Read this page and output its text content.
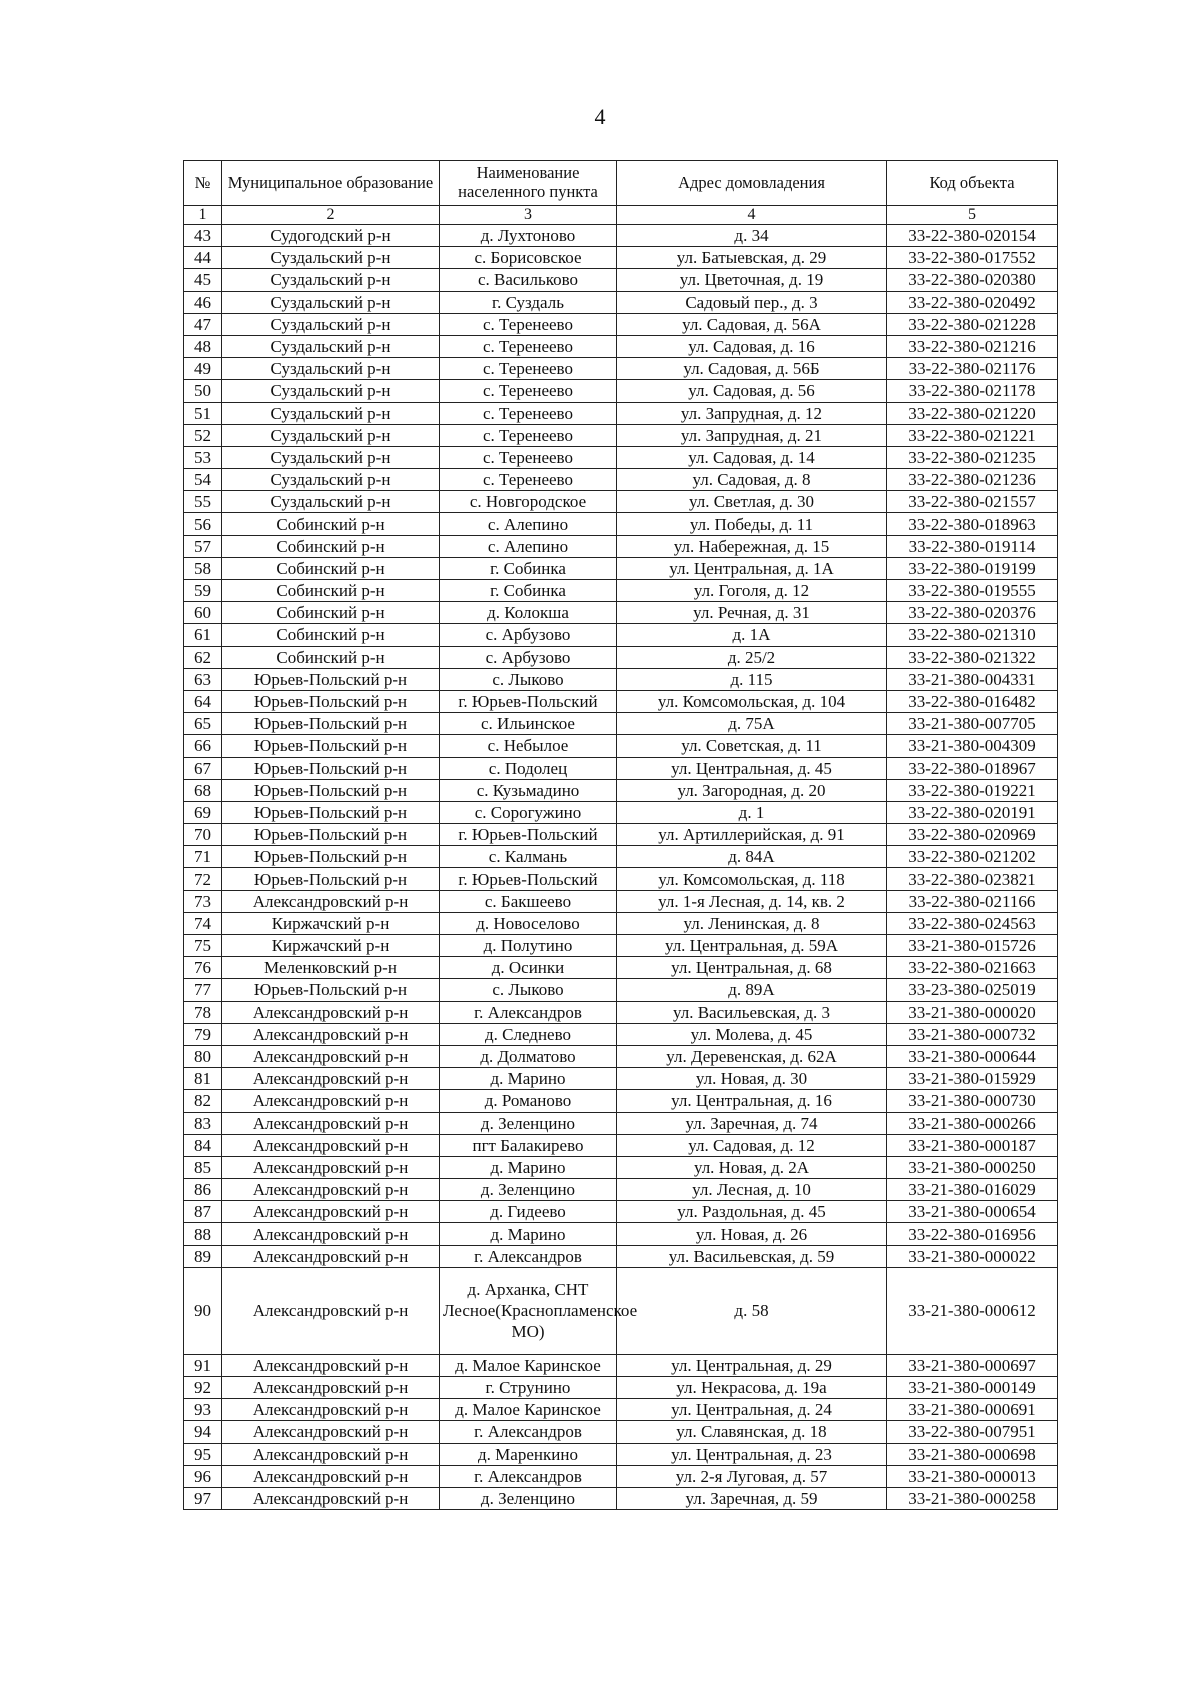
4
№	Муниципальное образование	Наименование населенного пункта	Адрес домовладения	Код объекта
1	2	3	4	5
43	Судогодский р-н	д. Лухтоново	д. 34	33-22-380-020154
44	Суздальский р-н	с. Борисовское	ул. Батыевская, д. 29	33-22-380-017552
45	Суздальский р-н	с. Васильково	ул. Цветочная, д. 19	33-22-380-020380
46	Суздальский р-н	г. Суздаль	Садовый пер., д. 3	33-22-380-020492
47	Суздальский р-н	с. Теренеево	ул. Садовая, д. 56А	33-22-380-021228
48	Суздальский р-н	с. Теренеево	ул. Садовая, д. 16	33-22-380-021216
49	Суздальский р-н	с. Теренеево	ул. Садовая, д. 56Б	33-22-380-021176
50	Суздальский р-н	с. Теренеево	ул. Садовая, д. 56	33-22-380-021178
51	Суздальский р-н	с. Теренеево	ул. Запрудная, д. 12	33-22-380-021220
52	Суздальский р-н	с. Теренеево	ул. Запрудная, д. 21	33-22-380-021221
53	Суздальский р-н	с. Теренеево	ул. Садовая, д. 14	33-22-380-021235
54	Суздальский р-н	с. Теренеево	ул. Садовая, д. 8	33-22-380-021236
55	Суздальский р-н	с. Новгородское	ул. Светлая, д. 30	33-22-380-021557
56	Собинский р-н	с. Алепино	ул. Победы, д. 11	33-22-380-018963
57	Собинский р-н	с. Алепино	ул. Набережная, д. 15	33-22-380-019114
58	Собинский р-н	г. Собинка	ул. Центральная, д. 1А	33-22-380-019199
59	Собинский р-н	г. Собинка	ул. Гоголя, д. 12	33-22-380-019555
60	Собинский р-н	д. Колокша	ул. Речная, д. 31	33-22-380-020376
61	Собинский р-н	с. Арбузово	д. 1А	33-22-380-021310
62	Собинский р-н	с. Арбузово	д. 25/2	33-22-380-021322
63	Юрьев-Польский р-н	с. Лыково	д. 115	33-21-380-004331
64	Юрьев-Польский р-н	г. Юрьев-Польский	ул. Комсомольская, д. 104	33-22-380-016482
65	Юрьев-Польский р-н	с. Ильинское	д. 75А	33-21-380-007705
66	Юрьев-Польский р-н	с. Небылое	ул. Советская, д. 11	33-21-380-004309
67	Юрьев-Польский р-н	с. Подолец	ул. Центральная, д. 45	33-22-380-018967
68	Юрьев-Польский р-н	с. Кузьмадино	ул. Загородная, д. 20	33-22-380-019221
69	Юрьев-Польский р-н	с. Сорогужино	д. 1	33-22-380-020191
70	Юрьев-Польский р-н	г. Юрьев-Польский	ул. Артиллерийская, д. 91	33-22-380-020969
71	Юрьев-Польский р-н	с. Калмань	д. 84А	33-22-380-021202
72	Юрьев-Польский р-н	г. Юрьев-Польский	ул. Комсомольская, д. 118	33-22-380-023821
73	Александровский р-н	с. Бакшеево	ул. 1-я Лесная, д. 14, кв. 2	33-22-380-021166
74	Киржачский р-н	д. Новоселово	ул. Ленинская, д. 8	33-22-380-024563
75	Киржачский р-н	д. Полутино	ул. Центральная, д. 59А	33-21-380-015726
76	Меленковский р-н	д. Осинки	ул. Центральная, д. 68	33-22-380-021663
77	Юрьев-Польский р-н	с. Лыково	д. 89А	33-23-380-025019
78	Александровский р-н	г. Александров	ул. Васильевская, д. 3	33-21-380-000020
79	Александровский р-н	д. Следнево	ул. Молева, д. 45	33-21-380-000732
80	Александровский р-н	д. Долматово	ул. Деревенская, д. 62А	33-21-380-000644
81	Александровский р-н	д. Марино	ул. Новая, д. 30	33-21-380-015929
82	Александровский р-н	д. Романово	ул. Центральная, д. 16	33-21-380-000730
83	Александровский р-н	д. Зеленцино	ул. Заречная, д. 74	33-21-380-000266
84	Александровский р-н	пгт Балакирево	ул. Садовая, д. 12	33-21-380-000187
85	Александровский р-н	д. Марино	ул. Новая, д. 2А	33-21-380-000250
86	Александровский р-н	д. Зеленцино	ул. Лесная, д. 10	33-21-380-016029
87	Александровский р-н	д. Гидеево	ул. Раздольная, д. 45	33-21-380-000654
88	Александровский р-н	д. Марино	ул. Новая, д. 26	33-22-380-016956
89	Александровский р-н	г. Александров	ул. Васильевская, д. 59	33-21-380-000022
90	Александровский р-н	д. Арханка, СНТ Лесное(Краснопламенское МО)	д. 58	33-21-380-000612
91	Александровский р-н	д. Малое Каринское	ул. Центральная, д. 29	33-21-380-000697
92	Александровский р-н	г. Струнино	ул. Некрасова, д. 19а	33-21-380-000149
93	Александровский р-н	д. Малое Каринское	ул. Центральная, д. 24	33-21-380-000691
94	Александровский р-н	г. Александров	ул. Славянская, д. 18	33-22-380-007951
95	Александровский р-н	д. Маренкино	ул. Центральная, д. 23	33-21-380-000698
96	Александровский р-н	г. Александров	ул. 2-я Луговая, д. 57	33-21-380-000013
97	Александровский р-н	д. Зеленцино	ул. Заречная, д. 59	33-21-380-000258
